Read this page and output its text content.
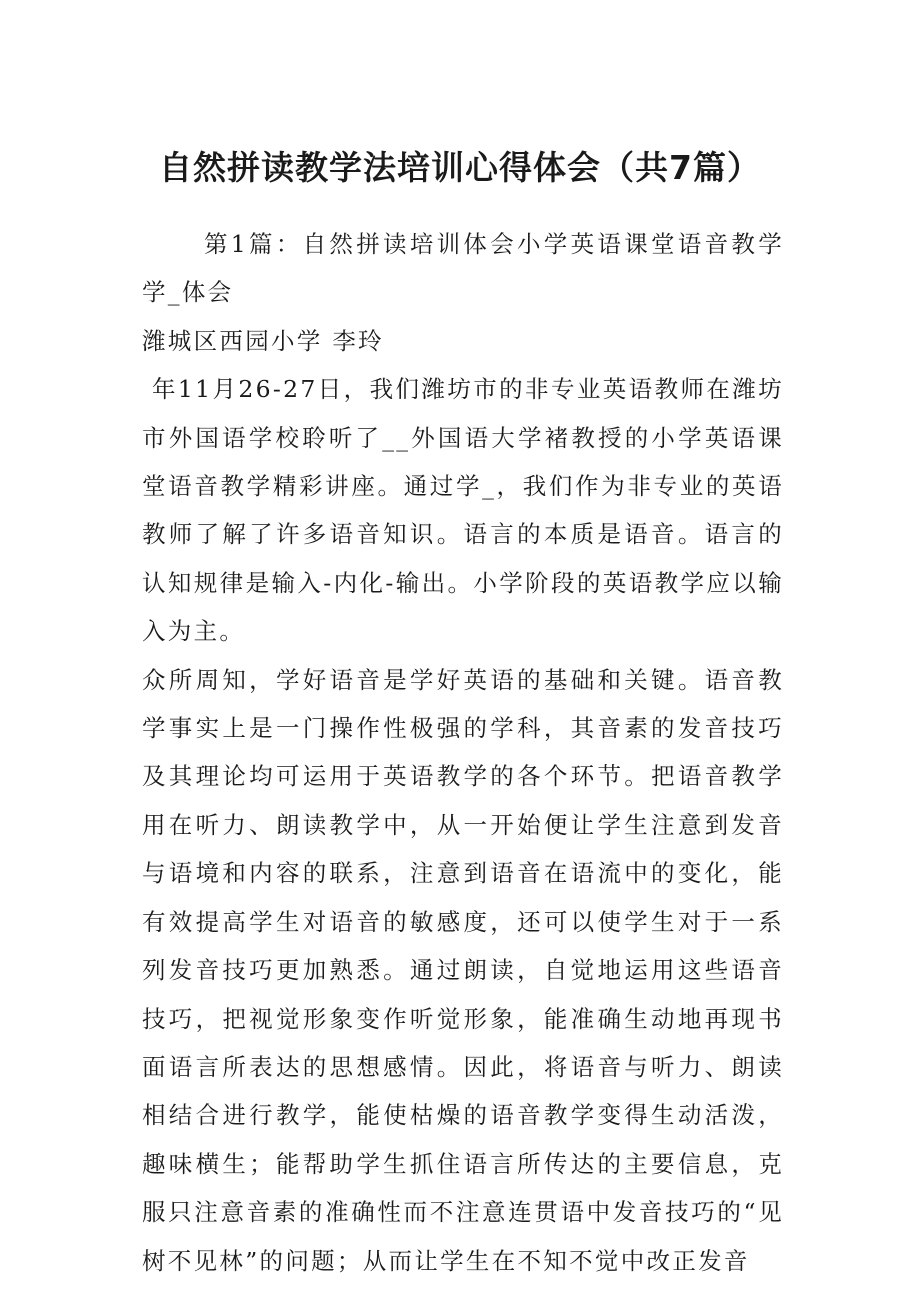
自然拼读教学法培训心得体会（共7篇）

第1篇：自然拼读培训体会小学英语课堂语音教学学_体会

潍城区西园小学 李玲

年11月26-27日，我们潍坊市的非专业英语教师在潍坊市外国语学校聆听了__外国语大学褚教授的小学英语课堂语音教学精彩讲座。通过学_，我们作为非专业的英语教师了解了许多语音知识。语言的本质是语音。语言的认知规律是输入-内化-输出。小学阶段的英语教学应以输入为主。

众所周知，学好语音是学好英语的基础和关键。语音教学事实上是一门操作性极强的学科，其音素的发音技巧及其理论均可运用于英语教学的各个环节。把语音教学用在听力、朗读教学中，从一开始便让学生注意到发音与语境和内容的联系，注意到语音在语流中的变化，能有效提高学生对语音的敏感度，还可以使学生对于一系列发音技巧更加熟悉。通过朗读，自觉地运用这些语音技巧，把视觉形象变作听觉形象，能准确生动地再现书面语言所表达的思想感情。因此，将语音与听力、朗读相结合进行教学，能使枯燥的语音教学变得生动活泼，趣味横生；能帮助学生抓住语言所传达的主要信息，克服只注意音素的准确性而不注意连贯语中发音技巧的“见树不见林”的问题；从而让学生在不知不觉中改正发音
